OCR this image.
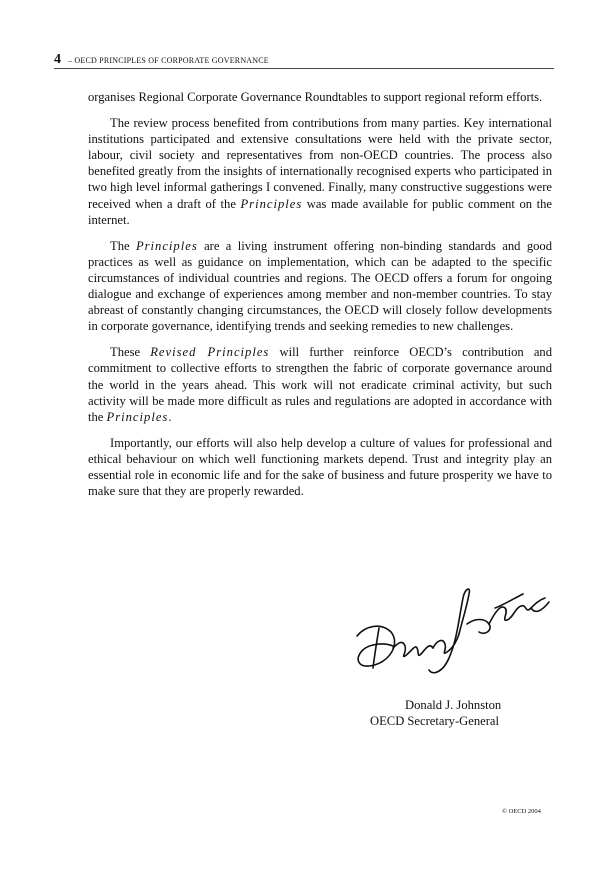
4 – OECD PRINCIPLES OF CORPORATE GOVERNANCE

organises Regional Corporate Governance Roundtables to support regional reform efforts.

The review process benefited from contributions from many parties. Key international institutions participated and extensive consultations were held with the private sector, labour, civil society and representatives from non-OECD countries. The process also benefited greatly from the insights of internationally recognised experts who participated in two high level informal gatherings I convened. Finally, many constructive suggestions were received when a draft of the Principles was made available for public comment on the internet.

The Principles are a living instrument offering non-binding standards and good practices as well as guidance on implementation, which can be adapted to the specific circumstances of individual countries and regions. The OECD offers a forum for ongoing dialogue and exchange of experiences among member and non-member countries. To stay abreast of constantly changing circumstances, the OECD will closely follow developments in corporate governance, identifying trends and seeking remedies to new challenges.

These Revised Principles will further reinforce OECD’s contribution and commitment to collective efforts to strengthen the fabric of corporate governance around the world in the years ahead. This work will not eradicate criminal activity, but such activity will be made more difficult as rules and regulations are adopted in accordance with the Principles.

Importantly, our efforts will also help develop a culture of values for professional and ethical behaviour on which well functioning markets depend. Trust and integrity play an essential role in economic life and for the sake of business and future prosperity we have to make sure that they are properly rewarded.

Donald J. Johnston
OECD Secretary-General
© OECD 2004
